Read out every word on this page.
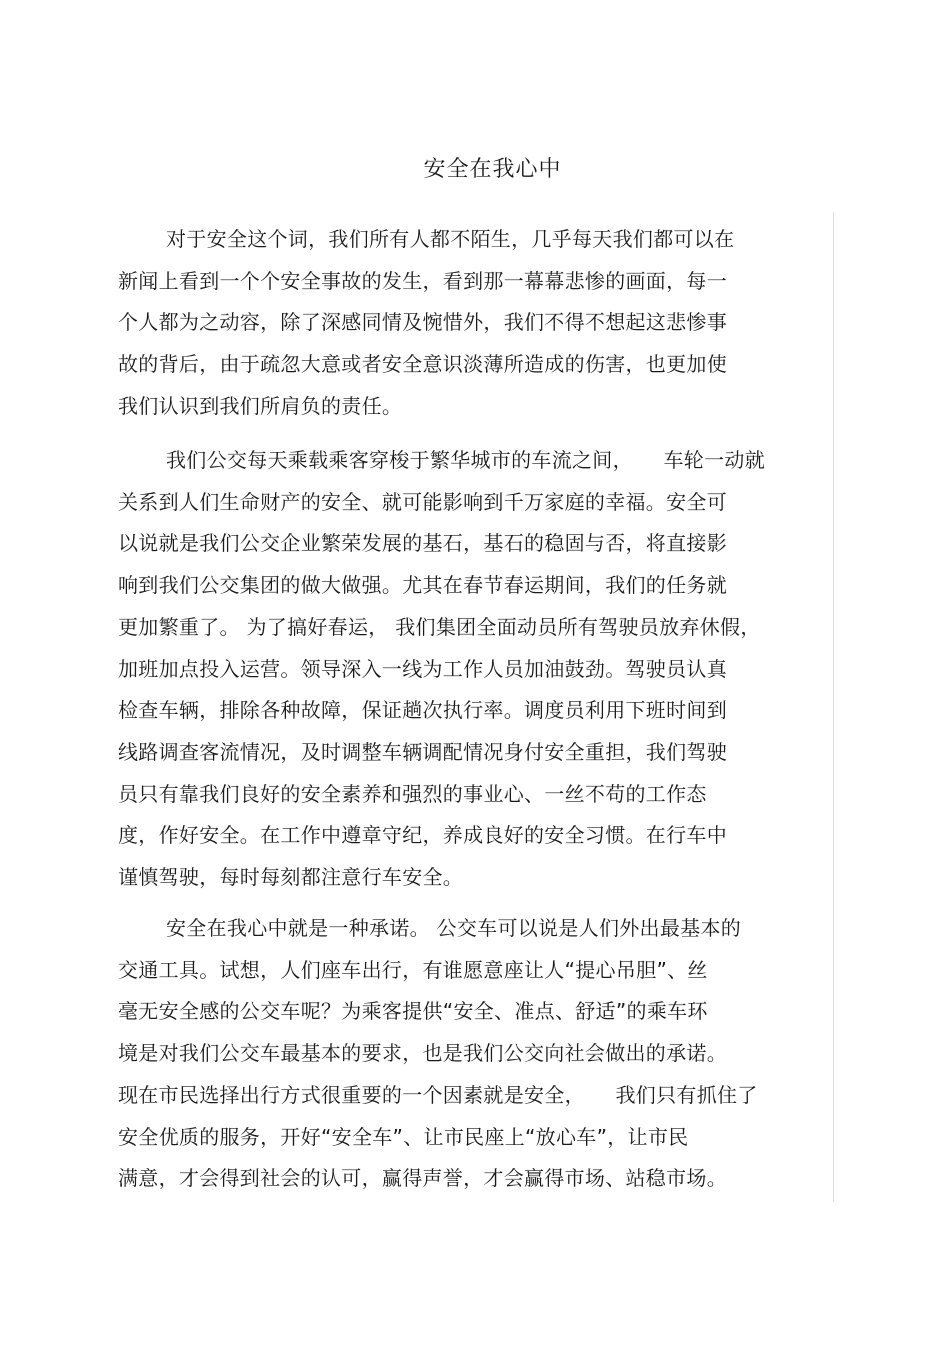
安全在我心中
对于安全这个词，我们所有人都不陌生，几乎每天我们都可以在
新闻上看到一个个安全事故的发生，看到那一幕幕悲惨的画面，每一
个人都为之动容，除了深感同情及惋惜外，我们不得不想起这悲惨事
故的背后，由于疏忽大意或者安全意识淡薄所造成的伤害，也更加使
我们认识到我们所肩负的责任。
我们公交每天乘载乘客穿梭于繁华城市的车流之间，　　车轮一动就
关系到人们生命财产的安全、就可能影响到千万家庭的幸福。安全可
以说就是我们公交企业繁荣发展的基石，基石的稳固与否，将直接影
响到我们公交集团的做大做强。尤其在春节春运期间，我们的任务就
更加繁重了。 为了搞好春运， 我们集团全面动员所有驾驶员放弃休假，
加班加点投入运营。领导深入一线为工作人员加油鼓劲。驾驶员认真
检查车辆，排除各种故障，保证趟次执行率。调度员利用下班时间到
线路调查客流情况，及时调整车辆调配情况身付安全重担，我们驾驶
员只有靠我们良好的安全素养和强烈的事业心、一丝不苟的工作态
度，作好安全。在工作中遵章守纪，养成良好的安全习惯。在行车中
谨慎驾驶，每时每刻都注意行车安全。
安全在我心中就是一种承诺。 公交车可以说是人们外出最基本的
交通工具。试想，人们座车出行，有谁愿意座让人“提心吊胆”、丝
毫无安全感的公交车呢？为乘客提供“安全、准点、舒适”的乘车环
境是对我们公交车最基本的要求，也是我们公交向社会做出的承诺。
现在市民选择出行方式很重要的一个因素就是安全，　　我们只有抓住了
安全优质的服务，开好“安全车”、让市民座上“放心车”，让市民
满意，才会得到社会的认可，赢得声誉，才会赢得市场、站稳市场。
